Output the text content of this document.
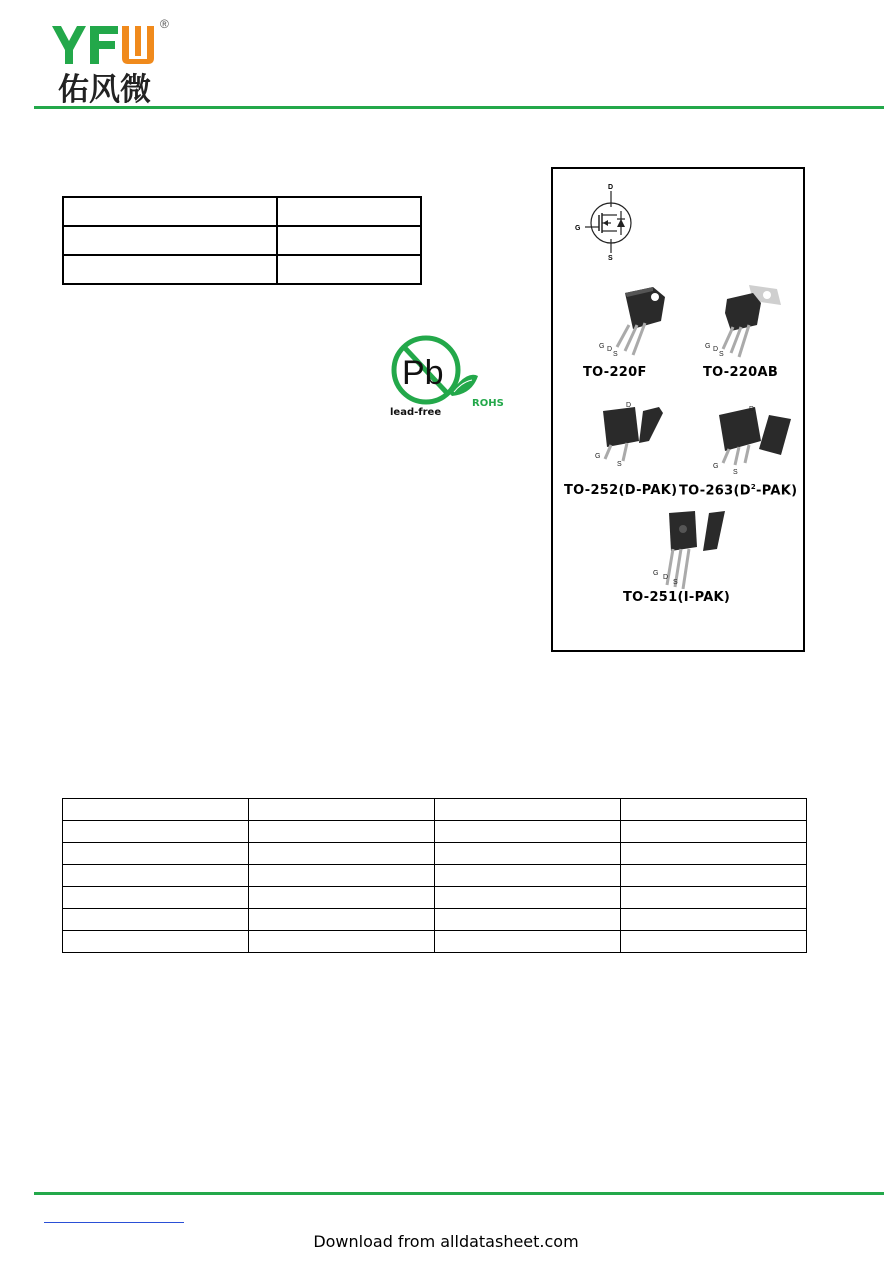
®
佑风微

Pb
lead-free
ROHS
D
G
S
G D
S
TO-220F
G D
S
TO-220AB
D
G
S
TO-252(D-PAK)
D
G
S
$TO-263(D^2-PAK)$
G
D
S
TO-251(I-PAK)

Download from alldatasheet.com
